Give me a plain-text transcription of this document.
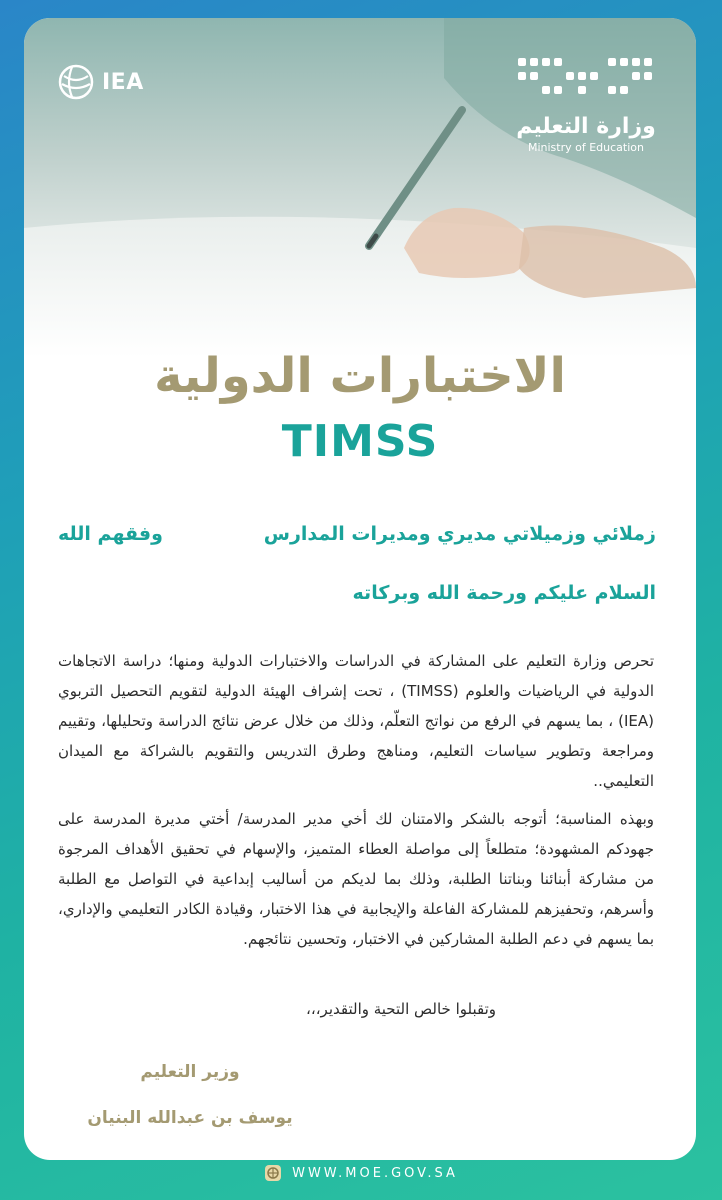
IEA
وزارة التعليم
Ministry of Education
الاختبارات الدولية
TIMSS
زملائي وزميلاتي مديري ومديرات المدارس
وفقهم الله
السلام عليكم ورحمة الله وبركاته
تحرص وزارة التعليم على المشاركة في الدراسات والاختبارات الدولية ومنها؛ دراسة الاتجاهات الدولية في الرياضيات والعلوم (TIMSS) ، تحت إشراف الهيئة الدولية لتقويم التحصيل التربوي (IEA) ، بما يسهم في الرفع من نواتج التعلّم، وذلك من خلال عرض نتائج الدراسة وتحليلها، وتقييم ومراجعة وتطوير سياسات التعليم، ومناهج وطرق التدريس والتقويم بالشراكة مع الميدان التعليمي..
وبهذه المناسبة؛ أتوجه بالشكر والامتنان لك أخي مدير المدرسة/ أختي مديرة المدرسة على جهودكم المشهودة؛ متطلعاً إلى مواصلة العطاء المتميز، والإسهام في تحقيق الأهداف المرجوة من مشاركة أبنائنا وبناتنا الطلبة، وذلك بما لديكم من أساليب إبداعية في التواصل مع الطلبة وأسرهم، وتحفيزهم للمشاركة الفاعلة والإيجابية في هذا الاختبار، وقيادة الكادر التعليمي والإداري، بما يسهم في دعم الطلبة المشاركين في الاختبار، وتحسين نتائجهم.
وتقبلوا خالص التحية والتقدير،،،
وزير التعليم
يوسف بن عبدالله البنيان
WWW.MOE.GOV.SA
